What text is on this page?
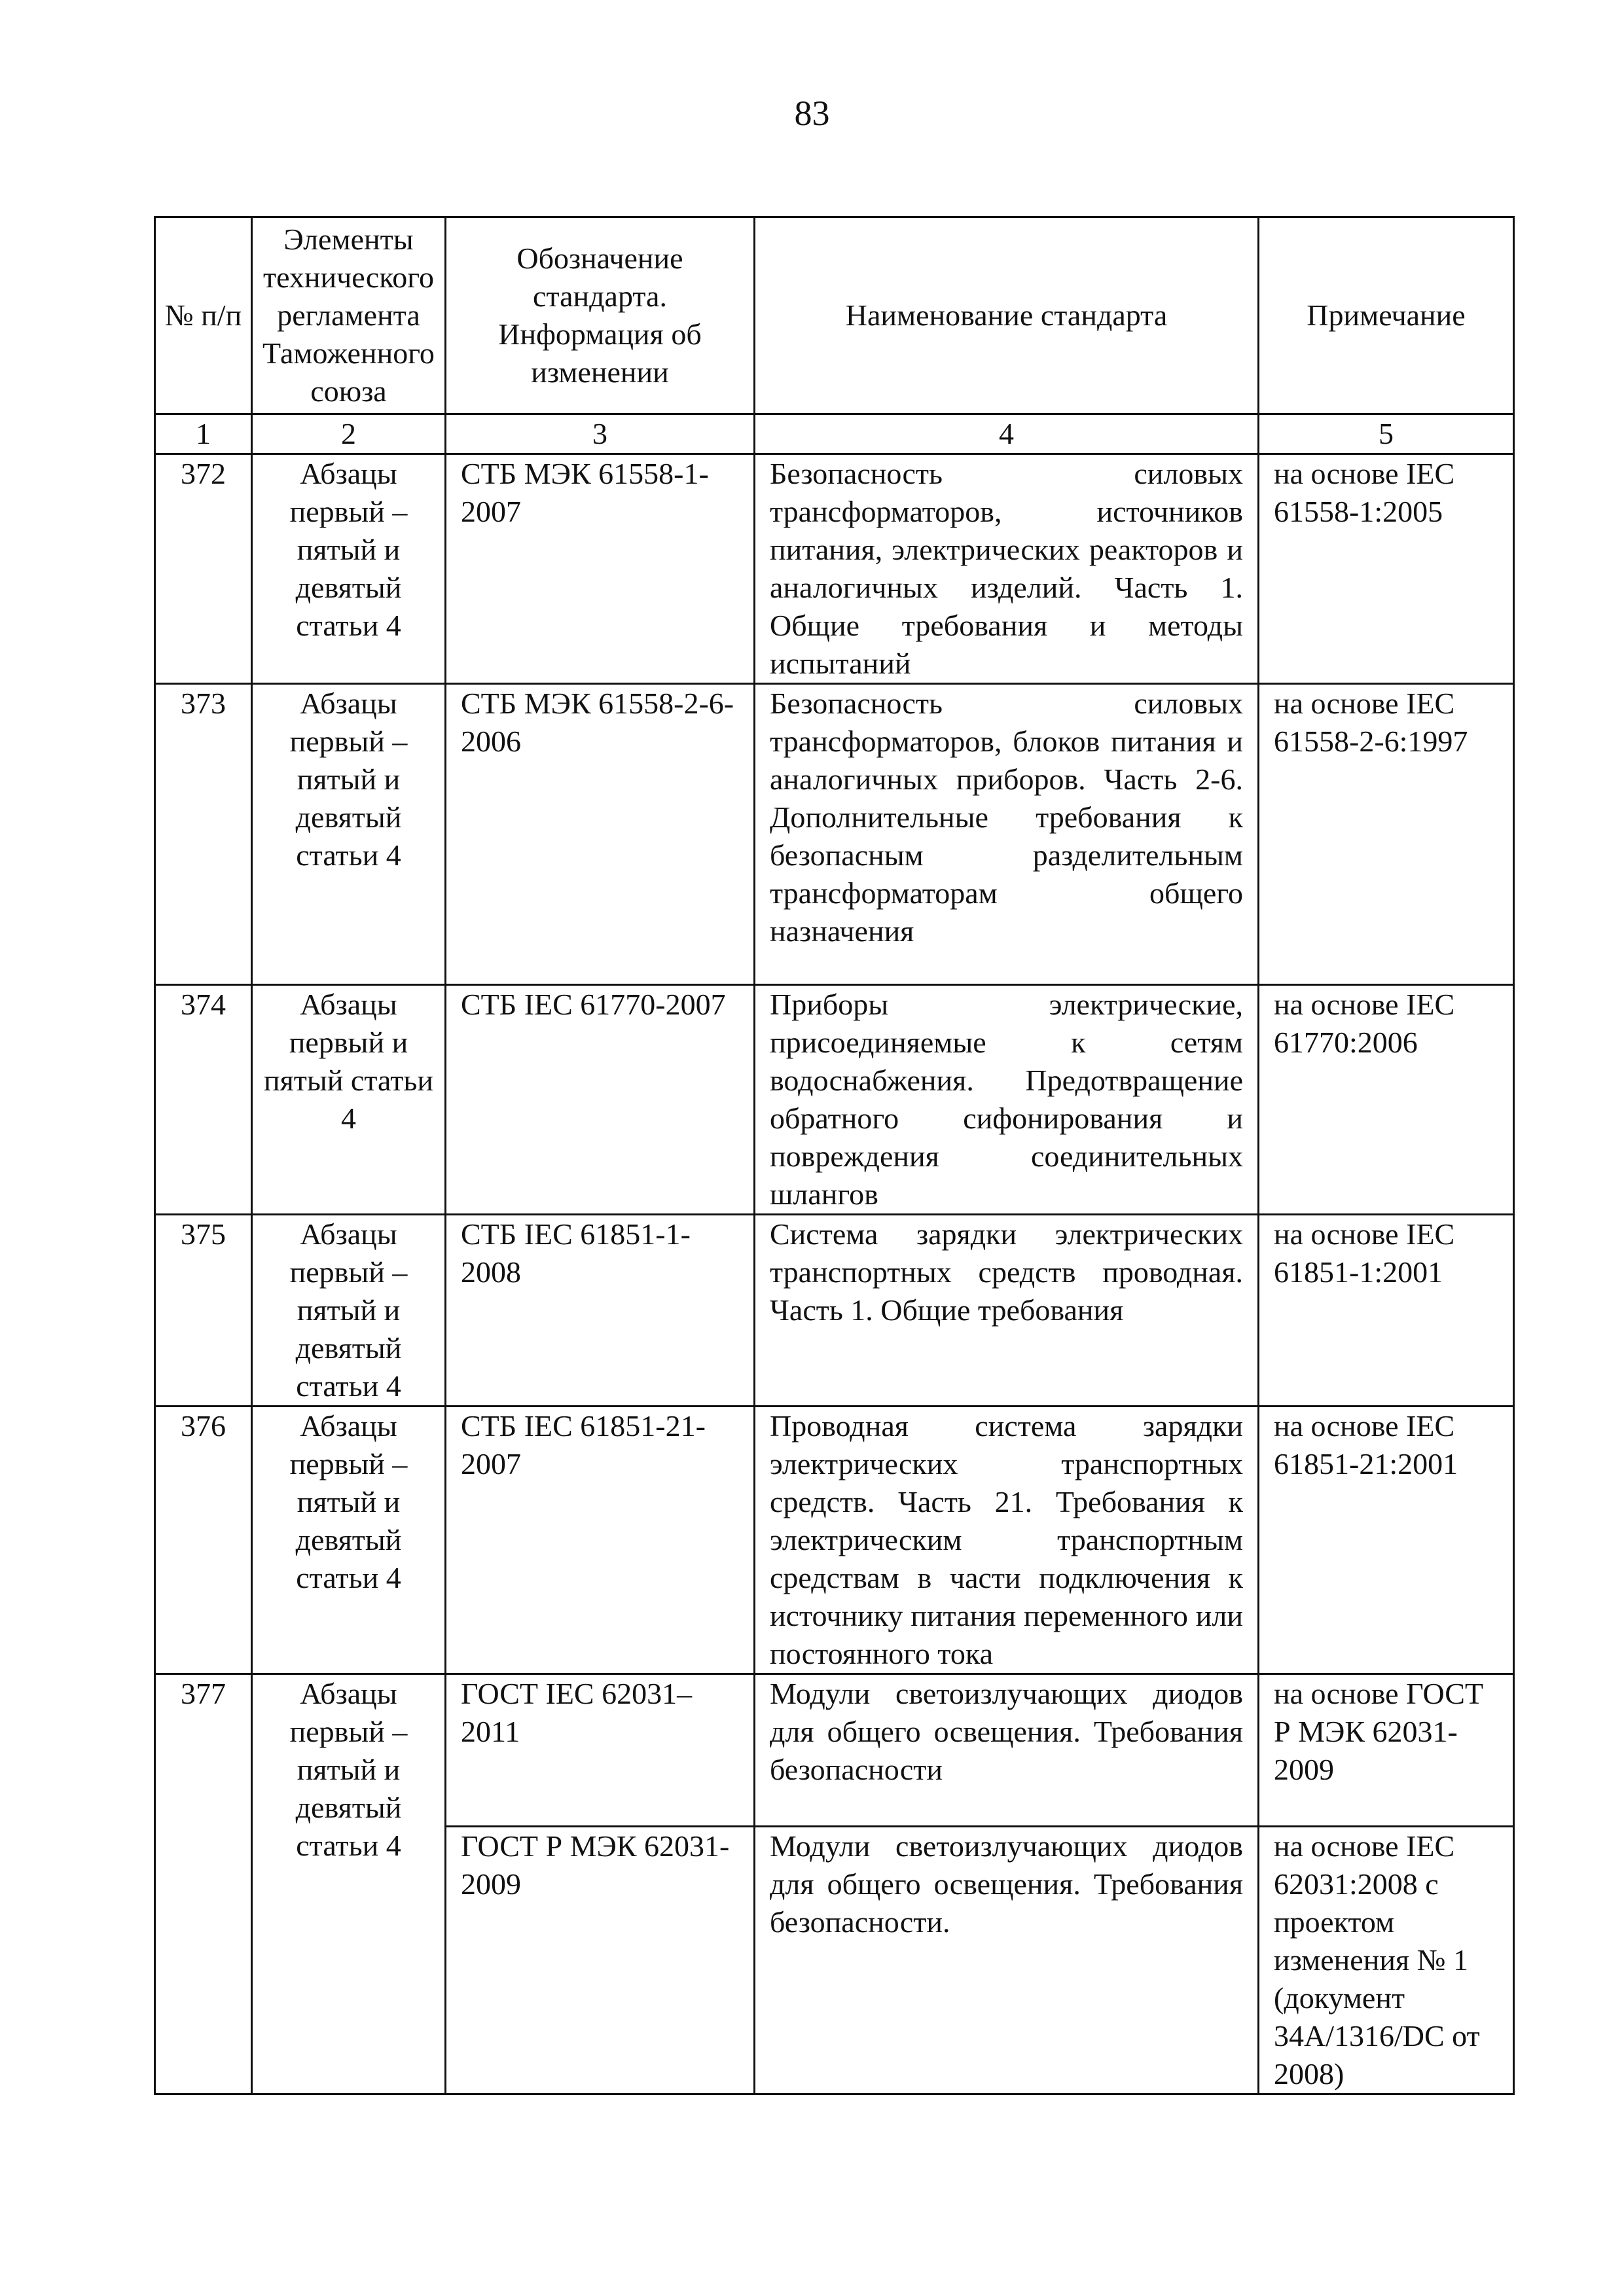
83
№ п/п	Элементы технического регламента Таможенного союза	Обозначение стандарта. Информация об изменении	Наименование стандарта	Примечание
1	2	3	4	5
372	Абзацы первый – пятый и девятый статьи 4	СТБ МЭК 61558-1-2007	Безопасность силовых трансформаторов, источников питания, электрических реакторов и аналогичных изделий. Часть 1. Общие требования и методы испытаний	на основе IEC 61558-1:2005
373	Абзацы первый – пятый и девятый статьи 4	СТБ МЭК 61558-2-6-2006	Безопасность силовых трансформаторов, блоков питания и аналогичных приборов. Часть 2-6. Дополнительные требования к безопасным разделительным трансформаторам общего назначения	на основе IEC 61558-2-6:1997
374	Абзацы первый и пятый статьи 4	СТБ IEC 61770-2007	Приборы электрические, присоединяемые к сетям водоснабжения. Предотвращение обратного сифонирования и повреждения соединительных шлангов	на основе IEC 61770:2006
375	Абзацы первый – пятый и девятый статьи 4	СТБ IEC 61851-1-2008	Система зарядки электрических транспортных средств проводная. Часть 1. Общие требования	на основе IEC 61851-1:2001
376	Абзацы первый – пятый и девятый статьи 4	СТБ IEC 61851-21-2007	Проводная система зарядки электрических транспортных средств. Часть 21. Требования к электрическим транспортным средствам в части подключения к источнику питания переменного или постоянного тока	на основе IEC 61851-21:2001
377	Абзацы первый – пятый и девятый статьи 4	ГОСТ IEC 62031–2011	Модули светоизлучающих диодов для общего освещения. Требования безопасности	на основе ГОСТ Р МЭК 62031-2009
		ГОСТ Р МЭК 62031-2009	Модули светоизлучающих диодов для общего освещения. Требования безопасности.	на основе IEC 62031:2008 с проектом изменения № 1 (документ 34A/1316/DC от 2008)
